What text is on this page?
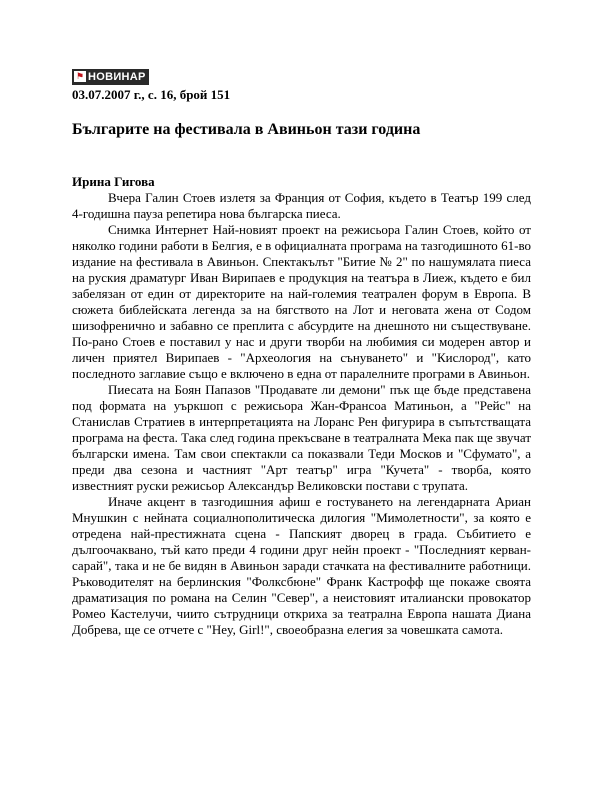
⚑ НОВИНАР
03.07.2007 г., с. 16, брой 151
Българите на фестивала в Авиньон тази година
Ирина Гигова

Вчера Галин Стоев излетя за Франция от София, където в Театър 199 след 4-годишна пауза репетира нова българска пиеса.

Снимка Интернет Най-новият проект на режисьора Галин Стоев, който от няколко години работи в Белгия, е в официалната програма на тазгодишното 61-во издание на фестивала в Авиньон. Спектакълът "Битие № 2" по нашумялата пиеса на руския драматург Иван Вирипаев е продукция на театъра в Лиеж, където е бил забелязан от един от директорите на най-големия театрален форум в Европа. В сюжета библейската легенда за на бягството на Лот и неговата жена от Содом шизофренично и забавно се преплита с абсурдите на днешното ни съществуване. По-рано Стоев е поставил у нас и други творби на любимия си модерен автор и личен приятел Вирипаев - "Археология на сънуването" и "Кислород", като последното заглавие също е включено в една от паралелните програми в Авиньон.

Пиесата на Боян Папазов "Продавате ли демони" пък ще бъде представена под формата на уъркшоп с режисьора Жан-Франсоа Матиньон, а "Рейс" на Станислав Стратиев в интерпретацията на Лоранс Рен фигурира в съпътстващата програма на феста. Така след година прекъсване в театралната Мека пак ще звучат български имена. Там свои спектакли са показвали Теди Москов и "Сфумато", а преди два сезона и частният "Арт театър" игра "Кучета" - творба, която известният руски режисьор Александър Великовски постави с трупата.

Иначе акцент в тазгодишния афиш е гостуването на легендарната Ариан Мнушкин с нейната социалнополитическа дилогия "Мимолетности", за която е отредена най-престижната сцена - Папският дворец в града. Събитието е дългоочаквано, тъй като преди 4 години друг нейн проект - "Последният керван-сарай", така и не бе видян в Авиньон заради стачката на фестивалните работници. Ръководителят на берлинския "Фолксбюне" Франк Кастрофф ще покаже своята драматизация по романа на Селин "Север", а неистовият италиански провокатор Ромео Кастелучи, чиито сътрудници откриха за театрална Европа нашата Диана Добрева, ще се отчете с "Hey, Girl!", своеобразна елегия за човешката самота.
